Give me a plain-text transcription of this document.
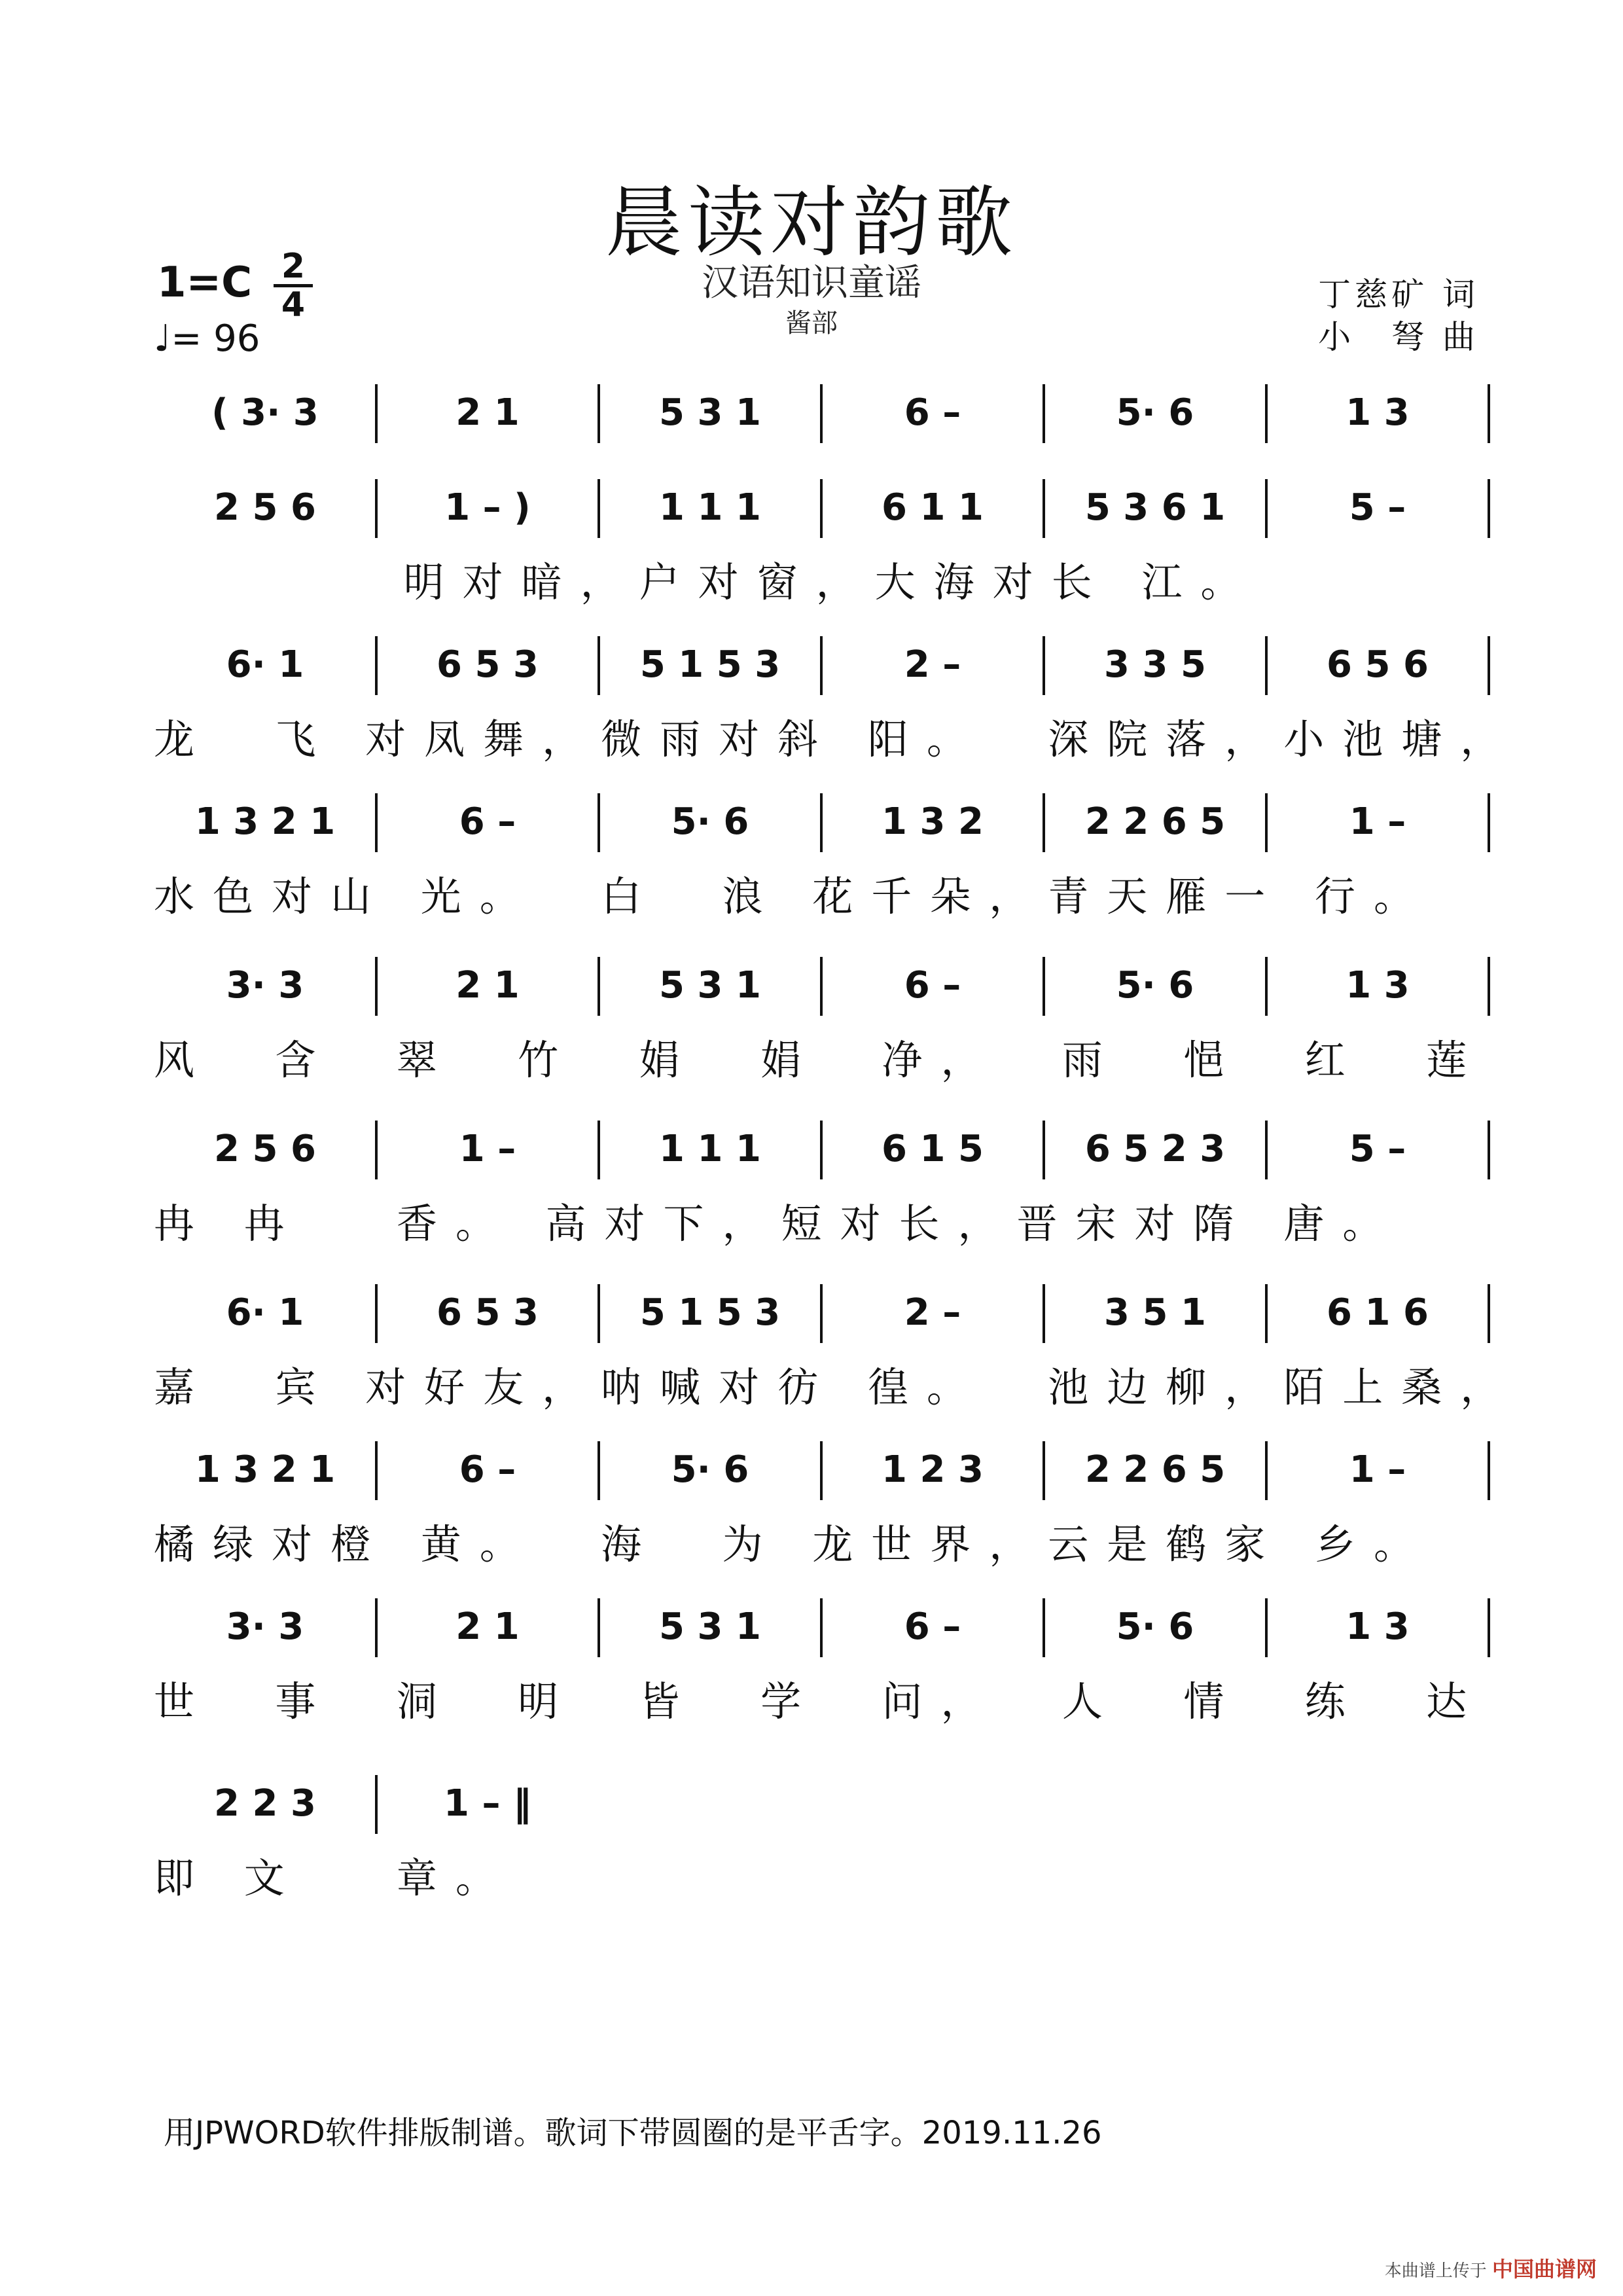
晨读对韵歌
汉语知识童谣
酱部
1=C 2
4
♩= 96
丁慈矿 词
小　弩 曲
( 3· 3	2 1	5 3 1	6 –	5· 6	1 3
2 5 6	1 – )	1 1 1	6 1 1	5 3 6 1	5 –
明对暗，户对窗，大海对长 江。
6· 1	6 5 3	5 1 5 3	2 –	3 3 5	6 5 6
龙  飞 对凤舞，微雨对斜 阳。  深院落，小池塘，
1 3 2 1	6 –	5· 6	1 3 2	2 2 6 5	1 –
水色对山 光。  白  浪 花千朵，青天雁一 行。
3· 3	2 1	5 3 1	6 –	5· 6	1 3
风  含  翠  竹  娟  娟  净，  雨  悒  红  莲
2 5 6	1 –	1 1 1	6 1 5	6 5 2 3	5 –
冉 冉   香。 高对下，短对长，晋宋对隋 唐。
6· 1	6 5 3	5 1 5 3	2 –	3 5 1	6 1 6
嘉  宾 对好友，呐喊对彷 徨。  池边柳，陌上桑，
1 3 2 1	6 –	5· 6	1 2 3	2 2 6 5	1 –
橘绿对橙 黄。  海  为 龙世界，云是鹤家 乡。
3· 3	2 1	5 3 1	6 –	5· 6	1 3
世  事  洞  明  皆  学  问，  人  情  练  达
2 2 3	1 – ‖
即 文   章。
用JPWORD软件排版制谱。歌词下带圆圈的是平舌字。2019.11.26
本曲谱上传于 中国曲谱网
